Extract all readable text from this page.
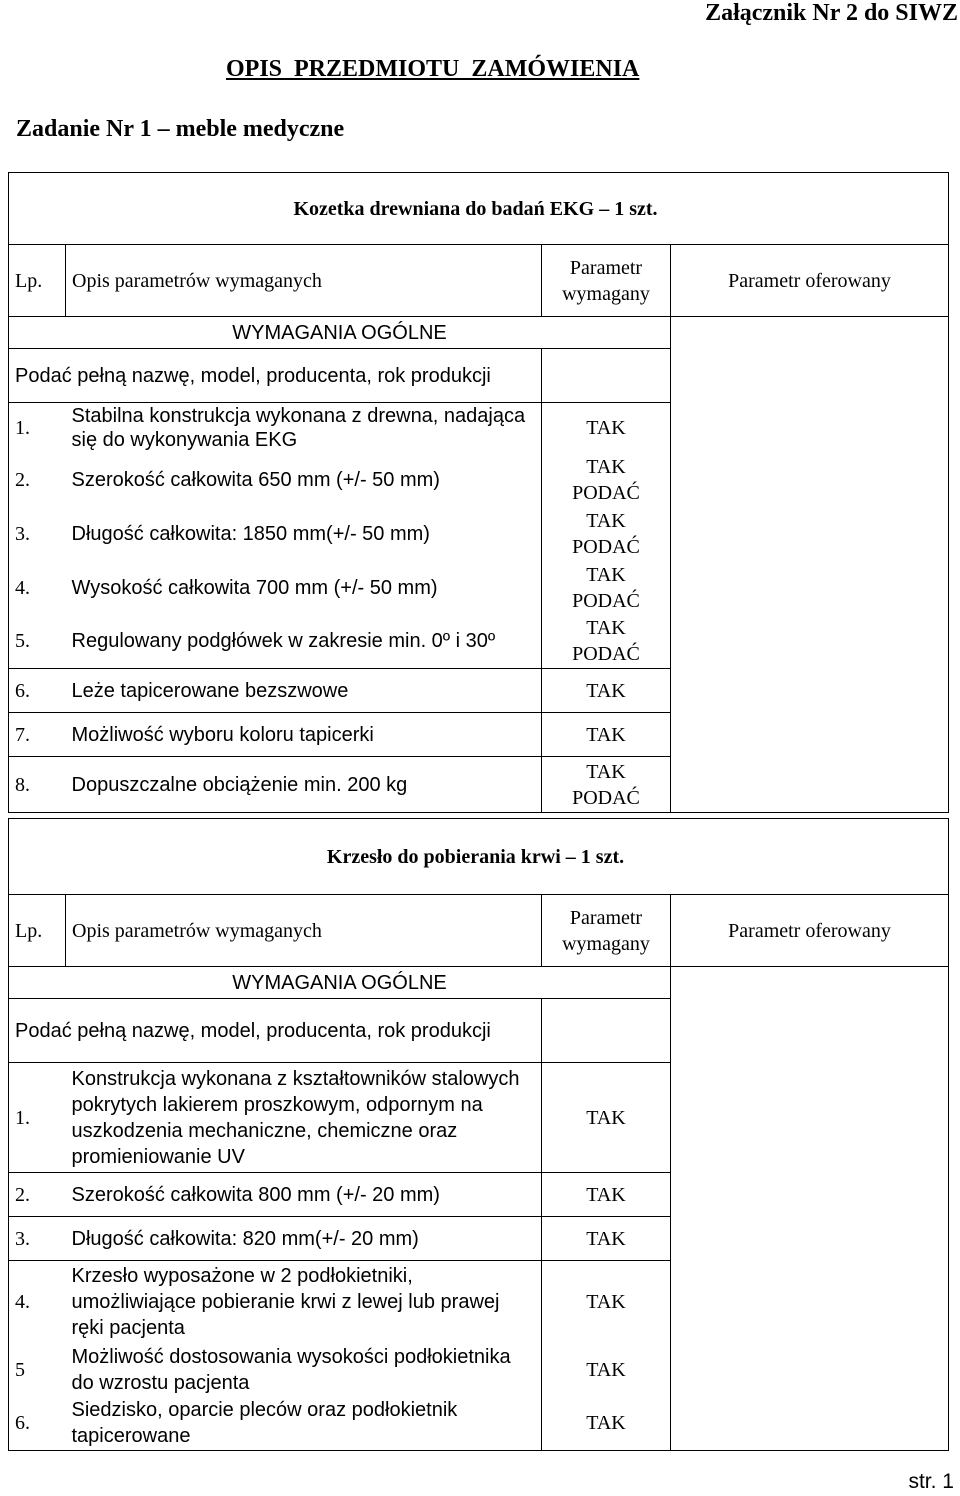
Załącznik Nr 2 do SIWZ
OPIS PRZEDMIOTU ZAMÓWIENIA
Zadanie Nr 1 – meble medyczne
Kozetka drewniana do badań EKG – 1 szt.			
Lp.	Opis parametrów wymaganych	Parametr
wymagany	Parametr oferowany
WYMAGANIA OGÓLNE			
Podać pełną nazwę, model, producenta, rok produkcji			
1.	Stabilna konstrukcja wykonana z drewna, nadająca się do wykonywania EKG	TAK	
2.	Szerokość całkowita 650 mm (+/- 50 mm)	TAK
PODAĆ	

3.	Długość całkowita: 1850 mm(+/- 50 mm)	TAK
PODAĆ	

4.	Wysokość całkowita 700 mm (+/- 50 mm)	TAK
PODAĆ	

5.	Regulowany podgłówek w zakresie min. 0º i 30º	TAK
PODAĆ	

6.	Leże tapicerowane bezszwowe	TAK	
7.	Możliwość wyboru koloru tapicerki	TAK	
8.	Dopuszczalne obciążenie min. 200 kg	TAK
PODAĆ	
Krzesło do pobierania krwi – 1 szt.			
Lp.	Opis parametrów wymaganych	Parametr
wymagany	Parametr oferowany
WYMAGANIA OGÓLNE			
Podać pełną nazwę, model, producenta, rok produkcji			
1.	Konstrukcja wykonana z kształtowników stalowych pokrytych lakierem proszkowym, odpornym na uszkodzenia mechaniczne, chemiczne oraz promieniowanie UV	TAK	
2.	Szerokość całkowita 800 mm (+/- 20 mm)	TAK	
3.	Długość całkowita: 820 mm(+/- 20 mm)	TAK	
4.	Krzesło wyposażone w 2 podłokietniki, umożliwiające pobieranie krwi z lewej lub prawej ręki pacjenta	TAK	
5	Możliwość dostosowania wysokości podłokietnika do wzrostu pacjenta	TAK	
6.	Siedzisko, oparcie pleców oraz podłokietnik tapicerowane	TAK	
str. 1
